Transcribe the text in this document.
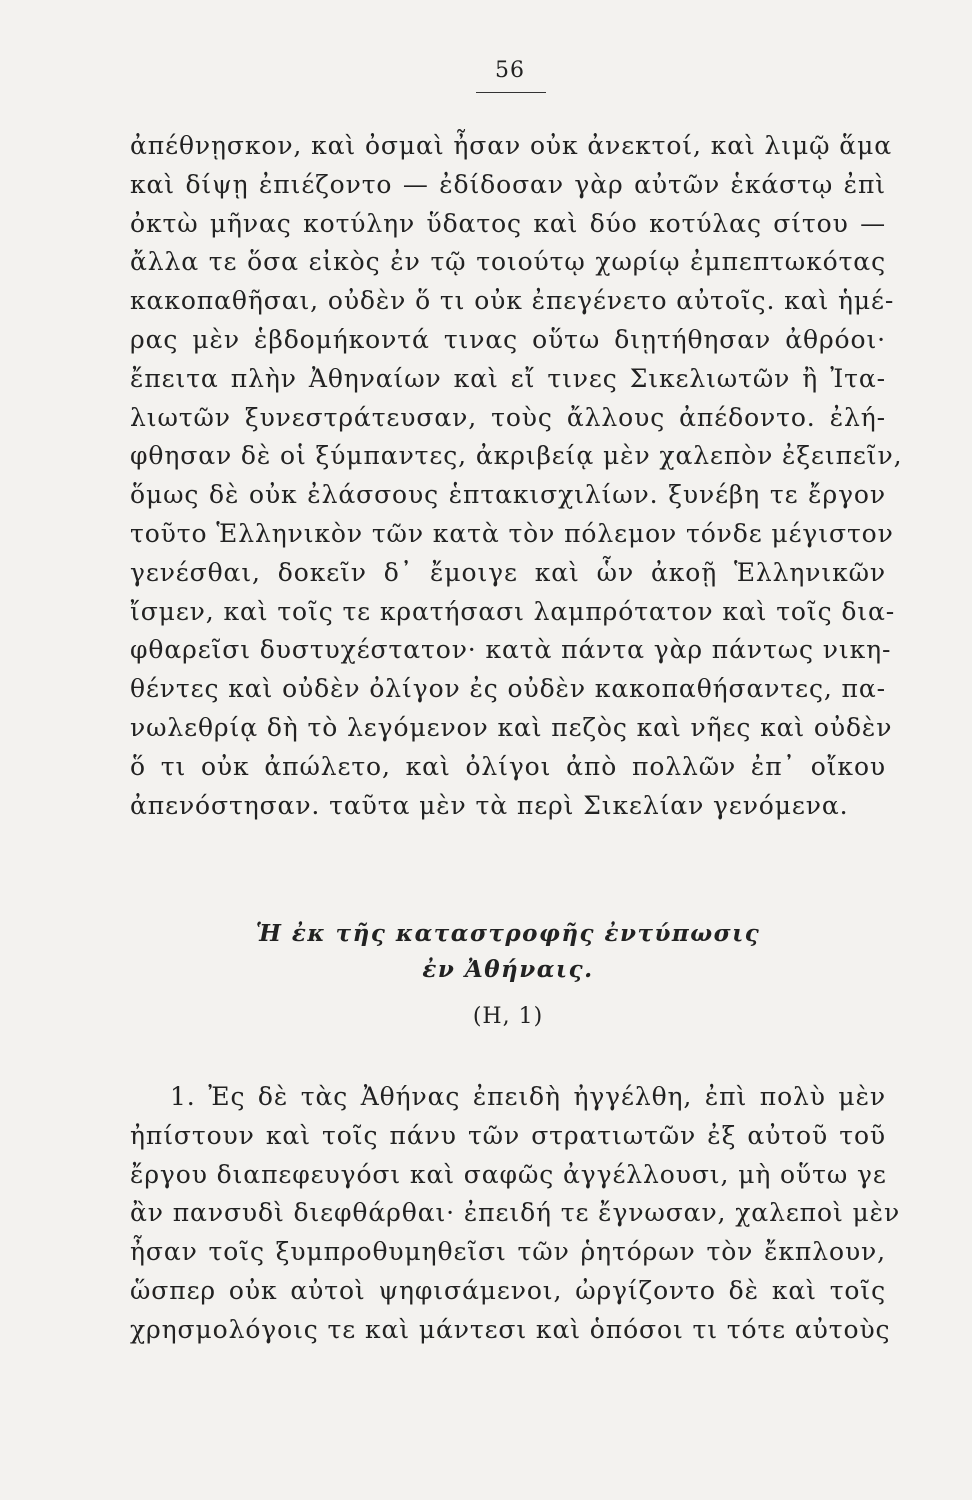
56
ἀπέθνῃσκον, καὶ ὀσμαὶ ἦσαν οὐκ ἀνεκτοί, καὶ λιμῷ ἅμα
καὶ δίψῃ ἐπιέζοντο — ἐδίδοσαν γὰρ αὐτῶν ἑκάστῳ ἐπὶ
ὀκτὼ μῆνας κοτύλην ὕδατος καὶ δύο κοτύλας σίτου —
ἄλλα τε ὅσα εἰκὸς ἐν τῷ τοιούτῳ χωρίῳ ἐμπεπτωκότας
κακοπαθῆσαι, οὐδὲν ὅ τι οὐκ ἐπεγένετο αὐτοῖς. καὶ ἡμέ-
ρας μὲν ἑβδομήκοντά τινας οὕτω διῃτήθησαν ἀθρόοι·
ἔπειτα πλὴν Ἀθηναίων καὶ εἴ τινες Σικελιωτῶν ἢ Ἰτα-
λιωτῶν ξυνεστράτευσαν, τοὺς ἄλλους ἀπέδοντο. ἐλή-
φθησαν δὲ οἱ ξύμπαντες, ἀκριβείᾳ μὲν χαλεπὸν ἐξειπεῖν,
ὅμως δὲ οὐκ ἐλάσσους ἑπτακισχιλίων. ξυνέβη τε ἔργον
τοῦτο Ἑλληνικὸν τῶν κατὰ τὸν πόλεμον τόνδε μέγιστον
γενέσθαι, δοκεῖν δ᾽ ἔμοιγε καὶ ὧν ἀκοῇ Ἑλληνικῶν
ἴσμεν, καὶ τοῖς τε κρατήσασι λαμπρότατον καὶ τοῖς δια-
φθαρεῖσι δυστυχέστατον· κατὰ πάντα γὰρ πάντως νικη-
θέντες καὶ οὐδὲν ὀλίγον ἐς οὐδὲν κακοπαθήσαντες, πα-
νωλεθρίᾳ δὴ τὸ λεγόμενον καὶ πεζὸς καὶ νῆες καὶ οὐδὲν
ὅ τι οὐκ ἀπώλετο, καὶ ὀλίγοι ἀπὸ πολλῶν ἐπ᾽ οἴκου
ἀπενόστησαν. ταῦτα μὲν τὰ περὶ Σικελίαν γενόμενα.
Ἡ ἐκ τῆς καταστροφῆς ἐντύπωσις
ἐν Ἀθήναις.
(Η, 1)
1. Ἐς δὲ τὰς Ἀθήνας ἐπειδὴ ἠγγέλθη, ἐπὶ πολὺ μὲν
ἠπίστουν καὶ τοῖς πάνυ τῶν στρατιωτῶν ἐξ αὐτοῦ τοῦ
ἔργου διαπεφευγόσι καὶ σαφῶς ἀγγέλλουσι, μὴ οὕτω γε
ἂν πανσυδὶ διεφθάρθαι· ἐπειδή τε ἔγνωσαν, χαλεποὶ μὲν
ἦσαν τοῖς ξυμπροθυμηθεῖσι τῶν ῥητόρων τὸν ἔκπλουν,
ὥσπερ οὐκ αὐτοὶ ψηφισάμενοι, ὠργίζοντο δὲ καὶ τοῖς
χρησμολόγοις τε καὶ μάντεσι καὶ ὁπόσοι τι τότε αὐτοὺς
